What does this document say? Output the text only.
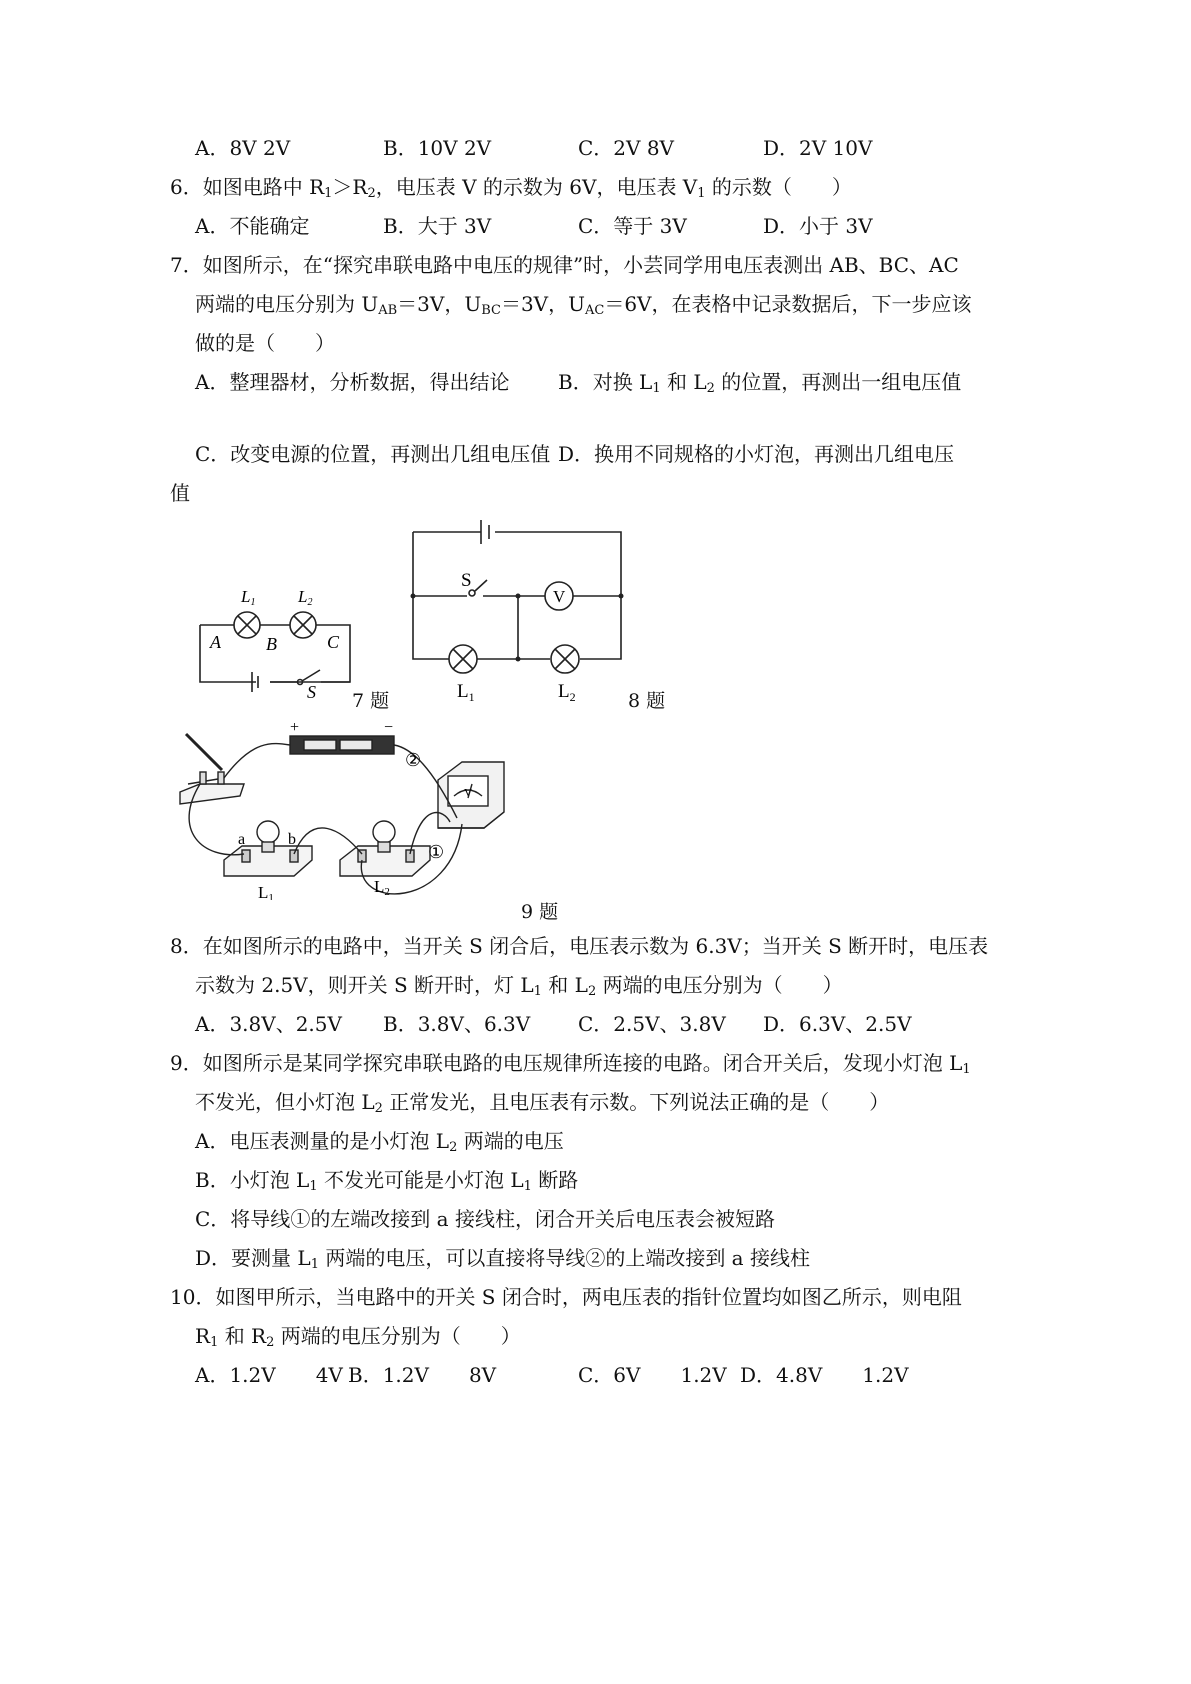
A．8V 2V	B．10V 2V	C．2V 8V	D．2V 10V
6．如图电路中 $R_1>R_2$，电压表 V 的示数为 6V，电压表 $V_1$ 的示数（　　）
A．不能确定	B．大于 3V	C．等于 3V	D．小于 3V
7．如图所示，在“探究串联电路中电压的规律”时，小芸同学用电压表测出 AB、BC、AC
两端的电压分别为 $U_{AB}=3V$，$U_{BC}=3V$，$U_{AC}=6V$，在表格中记录数据后，下一步应该
做的是（　　）
A．整理器材，分析数据，得出结论 B．对换 $L_1$ 和 $L_2$ 的位置，再测出一组电压值
C．改变电源的位置，再测出几组电压值 D．换用不同规格的小灯泡，再测出几组电压
值
L1	L2
A	B	C
S 7 题
S
V
$L_1$	$L_2$	8 题
+	−
②
①
a	b
V
L1
L2
9 题
8．在如图所示的电路中，当开关 S 闭合后，电压表示数为 6.3V；当开关 S 断开时，电压表
示数为 2.5V，则开关 S 断开时，灯 $L_1$ 和 $L_2$ 两端的电压分别为（　　）
A．3.8V、2.5V B．3.8V、6.3V C．2.5V、3.8V D．6.3V、2.5V
9．如图所示是某同学探究串联电路的电压规律所连接的电路。闭合开关后，发现小灯泡 $L_1$
不发光，但小灯泡 $L_2$ 正常发光，且电压表有示数。下列说法正确的是（　　）
A．电压表测量的是小灯泡 $L_2$ 两端的电压
B．小灯泡 $L_1$ 不发光可能是小灯泡 $L_1$ 断路
C．将导线①的左端改接到 a 接线柱，闭合开关后电压表会被短路
D．要测量 $L_1$ 两端的电压，可以直接将导线②的上端改接到 a 接线柱
10．如图甲所示，当电路中的开关 S 闭合时，两电压表的指针位置均如图乙所示，则电阻
$R_1$ 和 $R_2$ 两端的电压分别为（　　）
A．1.2V　　4V B．1.2V　　8V	C．6V　　1.2V D．4.8V　　1.2V
